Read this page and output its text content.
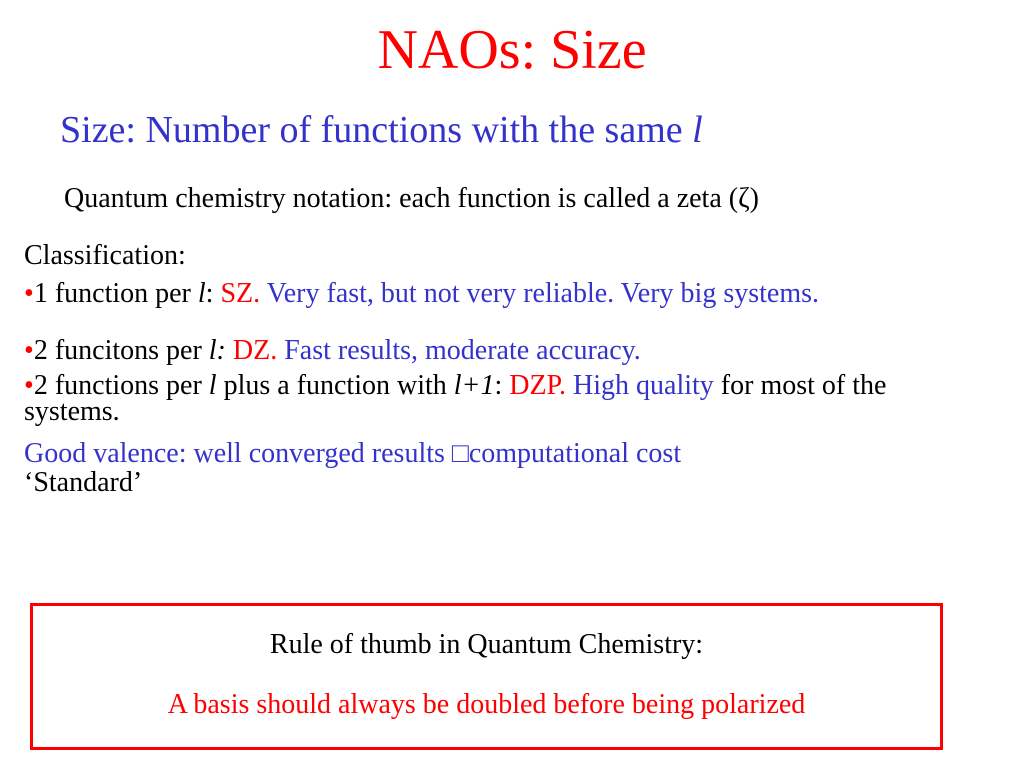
NAOs: Size
Size: Number of functions with the same l
Quantum chemistry notation: each function is called a zeta (ζ)
Classification:
•1 function per l: SZ. Very fast, but not very reliable. Very big systems.
•2 funcitons per l: DZ. Fast results, moderate accuracy.
•2 functions per l plus a function with l+1: DZP. High quality for most of the systems.
Good valence: well converged results □computational cost
‘Standard’
Rule of thumb in Quantum Chemistry:
A basis should always be doubled before being polarized
